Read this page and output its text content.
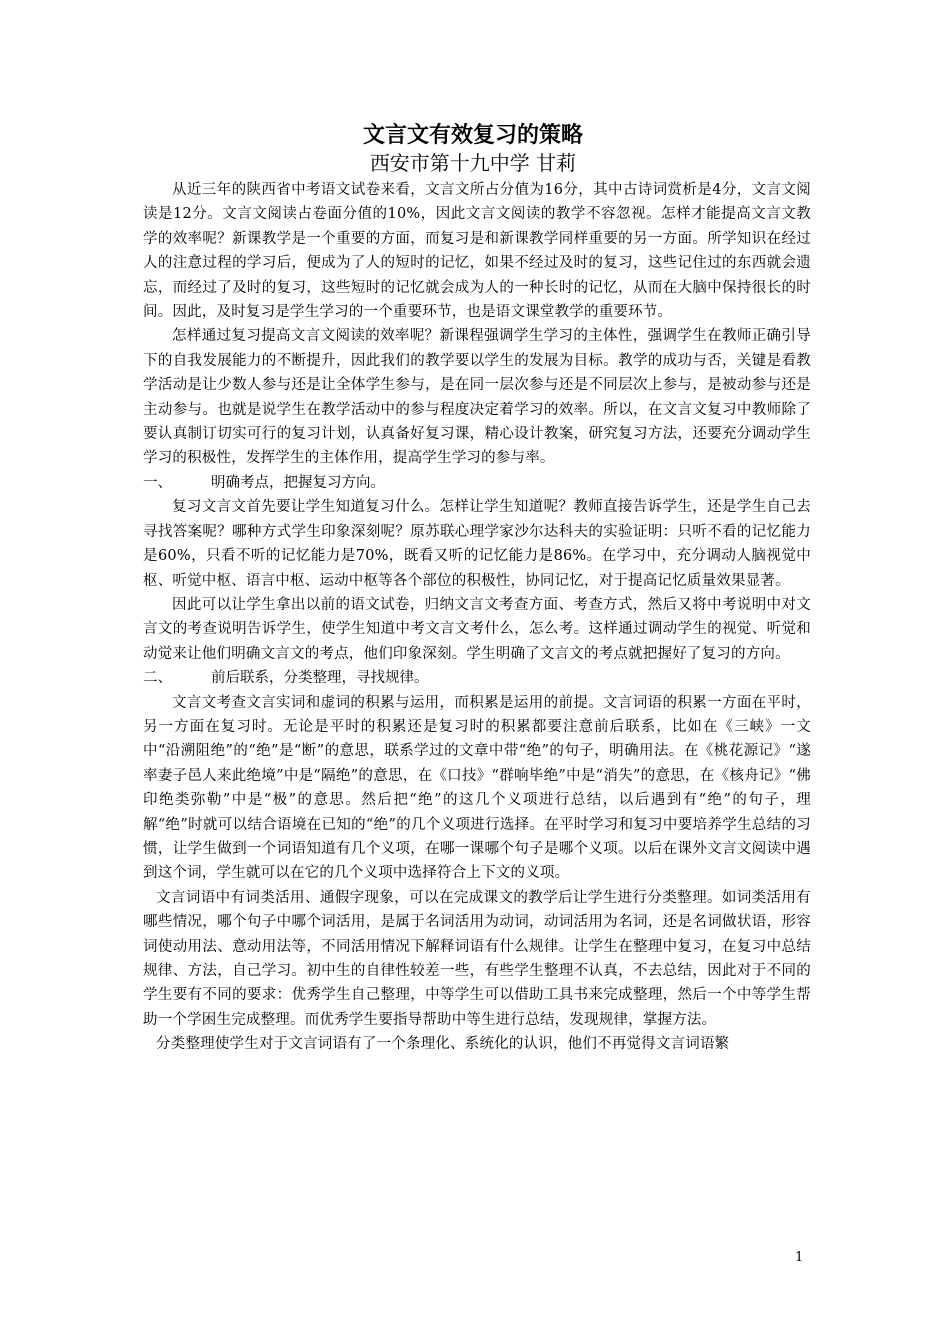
文言文有效复习的策略
西安市第十九中学 甘莉

从近三年的陕西省中考语文试卷来看，文言文所占分值为16分，其中古诗词赏析是4分，文言文阅读是12分。文言文阅读占卷面分值的10%，因此文言文阅读的教学不容忽视。怎样才能提高文言文教学的效率呢？新课教学是一个重要的方面，而复习是和新课教学同样重要的另一方面。所学知识在经过人的注意过程的学习后，便成为了人的短时的记忆，如果不经过及时的复习，这些记住过的东西就会遗忘，而经过了及时的复习，这些短时的记忆就会成为人的一种长时的记忆，从而在大脑中保持很长的时间。因此，及时复习是学生学习的一个重要环节，也是语文课堂教学的重要环节。

怎样通过复习提高文言文阅读的效率呢？新课程强调学生学习的主体性，强调学生在教师正确引导下的自我发展能力的不断提升，因此我们的教学要以学生的发展为目标。教学的成功与否，关键是看教学活动是让少数人参与还是让全体学生参与，是在同一层次参与还是不同层次上参与，是被动参与还是主动参与。也就是说学生在教学活动中的参与程度决定着学习的效率。所以，在文言文复习中教师除了要认真制订切实可行的复习计划，认真备好复习课，精心设计教案，研究复习方法，还要充分调动学生学习的积极性，发挥学生的主体作用，提高学生学习的参与率。

一、	明确考点，把握复习方向。

复习文言文首先要让学生知道复习什么。怎样让学生知道呢？教师直接告诉学生，还是学生自己去寻找答案呢？哪种方式学生印象深刻呢？原苏联心理学家沙尔达科夫的实验证明：只听不看的记忆能力是60%，只看不听的记忆能力是70%，既看又听的记忆能力是86%。在学习中，充分调动人脑视觉中枢、听觉中枢、语言中枢、运动中枢等各个部位的积极性，协同记忆，对于提高记忆质量效果显著。

因此可以让学生拿出以前的语文试卷，归纳文言文考查方面、考查方式，然后又将中考说明中对文言文的考查说明告诉学生，使学生知道中考文言文考什么，怎么考。这样通过调动学生的视觉、听觉和动觉来让他们明确文言文的考点，他们印象深刻。学生明确了文言文的考点就把握好了复习的方向。

二、	前后联系，分类整理，寻找规律。

文言文考查文言实词和虚词的积累与运用，而积累是运用的前提。文言词语的积累一方面在平时，另一方面在复习时。无论是平时的积累还是复习时的积累都要注意前后联系，比如在《三峡》一文中“沿溯阻绝”的“绝”是“断”的意思，联系学过的文章中带“绝”的句子，明确用法。在《桃花源记》“遂率妻子邑人来此绝境”中是“隔绝”的意思，在《口技》“群响毕绝”中是“消失”的意思，在《核舟记》“佛印绝类弥勒”中是“极”的意思。然后把“绝”的这几个义项进行总结，以后遇到有“绝”的句子，理解“绝”时就可以结合语境在已知的“绝”的几个义项进行选择。在平时学习和复习中要培养学生总结的习惯，让学生做到一个词语知道有几个义项，在哪一课哪个句子是哪个义项。以后在课外文言文阅读中遇到这个词，学生就可以在它的几个义项中选择符合上下文的义项。

文言词语中有词类活用、通假字现象，可以在完成课文的教学后让学生进行分类整理。如词类活用有哪些情况，哪个句子中哪个词活用，是属于名词活用为动词，动词活用为名词，还是名词做状语，形容词使动用法、意动用法等，不同活用情况下解释词语有什么规律。让学生在整理中复习，在复习中总结规律、方法，自己学习。初中生的自律性较差一些，有些学生整理不认真，不去总结，因此对于不同的学生要有不同的要求：优秀学生自己整理，中等学生可以借助工具书来完成整理，然后一个中等学生帮助一个学困生完成整理。而优秀学生要指导帮助中等生进行总结，发现规律，掌握方法。

分类整理使学生对于文言词语有了一个条理化、系统化的认识，他们不再觉得文言词语繁

1
